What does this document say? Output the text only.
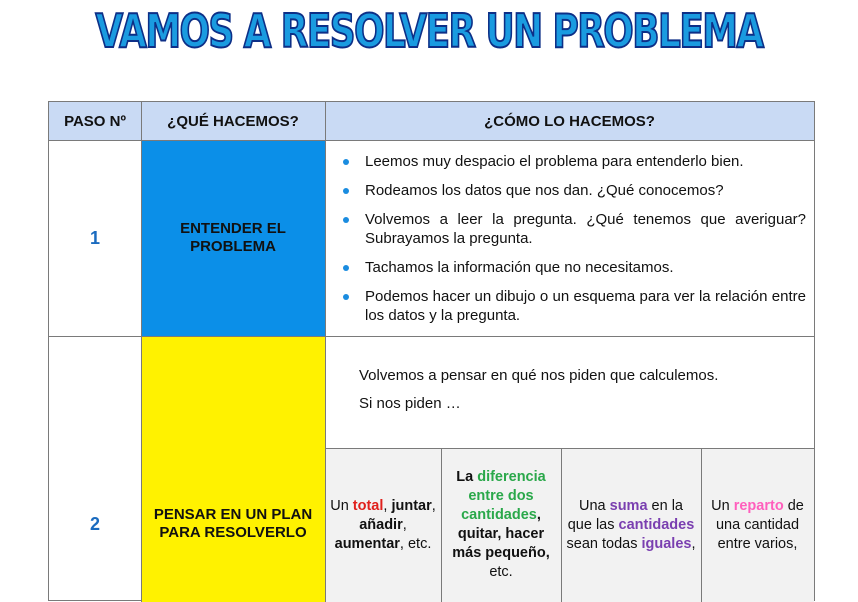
VAMOS A RESOLVER UN PROBLEMA
PASO Nº	¿QUÉ HACEMOS?	¿CÓMO LO HACEMOS?
1	ENTENDER EL PROBLEMA
Leemos muy despacio el problema para entenderlo bien.
Rodeamos los datos que nos dan. ¿Qué conocemos?
Volvemos a leer la pregunta. ¿Qué tenemos que averiguar? Subrayamos la pregunta.
Tachamos la información que no necesitamos.
Podemos hacer un dibujo o un esquema para ver la relación entre los datos y la pregunta.
2	PENSAR EN UN PLAN PARA RESOLVERLO

Volvemos a pensar en qué nos piden que calculemos.

Si nos piden …

Un total, juntar, añadir, aumentar, etc.
La diferencia entre dos cantidades, quitar, hacer más pequeño, etc.
Una suma en la que las cantidades sean todas iguales,
Un reparto de una cantidad entre varios,
